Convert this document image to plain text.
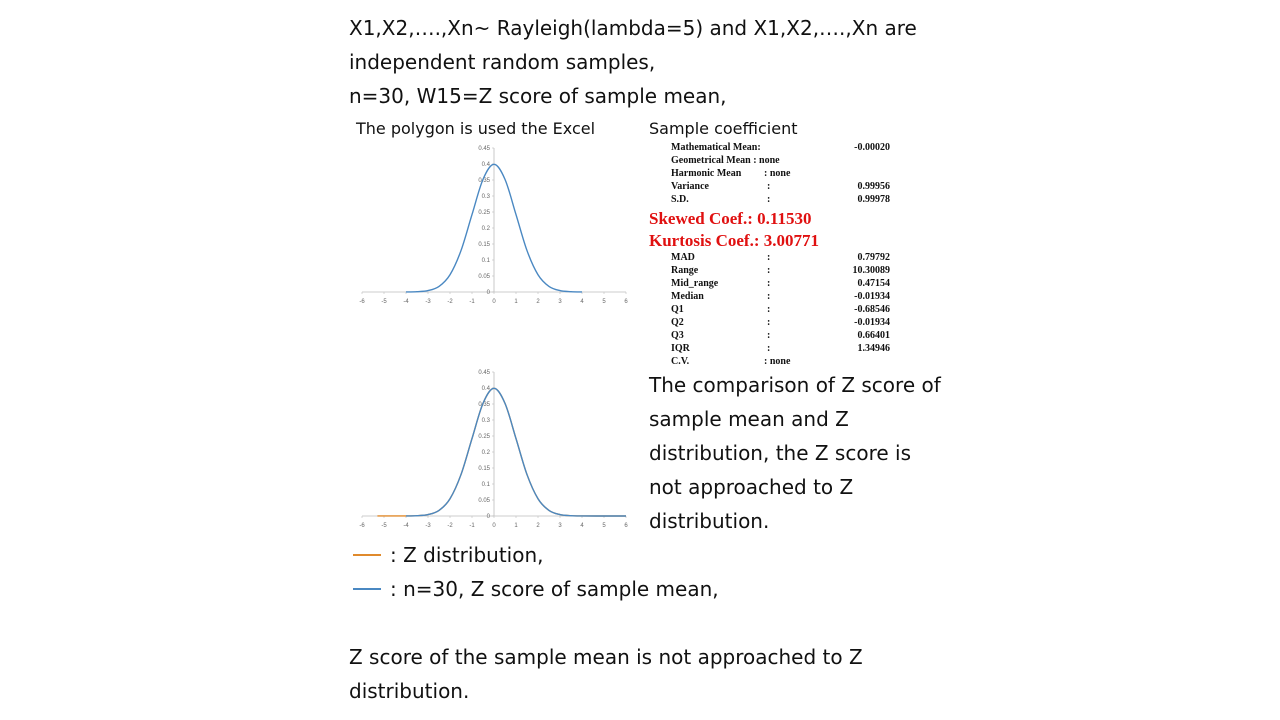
X1,X2,….,Xn~ Rayleigh(lambda=5) and X1,X2,….,Xn are
independent random samples,
n=30, W15=Z score of sample mean,
The polygon is used the Excel	Sample coefficient
0
0.05
0.1
0.15
0.2
0.25
0.3
0.35
0.4
0.45
-6	-5	-4	-3	-2	-1	0	1	2	3	4	5	6
0
0.05
0.1
0.15
0.2
0.25
0.3
0.35
0.4
0.45
-6	-5	-4	-3	-2	-1	0	1	2	3	4	5	6
Mathematical Mean:	-0.00020
Geometrical Mean : none
Harmonic Mean : none
Variance	:	0.99956
S.D.	:	0.99978
Skewed Coef.: 0.11530
Kurtosis Coef.: 3.00771
MAD	:	0.79792
Range	:	10.30089
Mid_range	:	0.47154
Median	:	-0.01934
Q1	:	-0.68546
Q2	:	-0.01934
Q3	:	0.66401
IQR	:	1.34946
C.V.	: none
The comparison of Z score of
sample mean and Z
distribution, the Z score is
not approached to Z
distribution.
: Z distribution,
: n=30, Z score of sample mean,
Z score of the sample mean is not approached to Z
distribution.
